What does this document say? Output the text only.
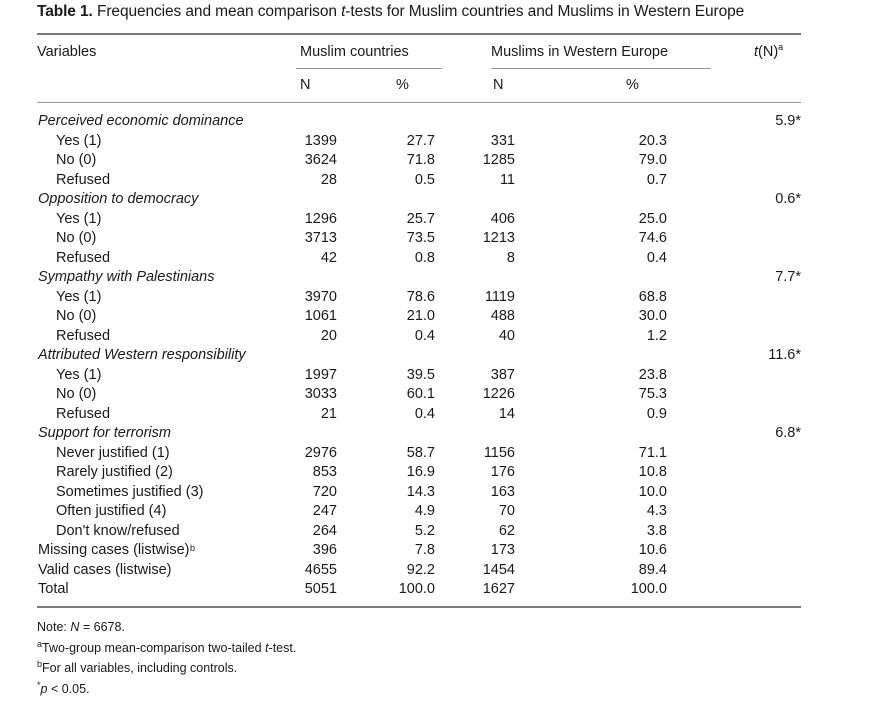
Table 1. Frequencies and mean comparison t-tests for Muslim countries and Muslims in Western Europe
Variables	Muslim countries	Muslims in Western Europe	$t(N)^a$
N	%	N	%
Perceived economic dominance	5.9*
Yes (1)	1399	27.7	331	20.3
No (0)	3624	71.8	1285	79.0
Refused	28	0.5	11	0.7
Opposition to democracy	0.6*
Yes (1)	1296	25.7	406	25.0
No (0)	3713	73.5	1213	74.6
Refused	42	0.8	8	0.4
Sympathy with Palestinians	7.7*
Yes (1)	3970	78.6	1119	68.8
No (0)	1061	21.0	488	30.0
Refused	20	0.4	40	1.2
Attributed Western responsibility	11.6*
Yes (1)	1997	39.5	387	23.8
No (0)	3033	60.1	1226	75.3
Refused	21	0.4	14	0.9
Support for terrorism	6.8*
Never justified (1)	2976	58.7	1156	71.1
Rarely justified (2)	853	16.9	176	10.8
Sometimes justified (3)	720	14.3	163	10.0
Often justified (4)	247	4.9	70	4.3
Don't know/refused	264	5.2	62	3.8
Missing cases (listwise) b	396	7.8	173	10.6
Valid cases (listwise)	4655	92.2	1454	89.4
Total	5051	100.0	1627	100.0
Note: N = 6678.
$^a$Two-group mean-comparison two-tailed t-test.
$^b$For all variables, including controls.
*p < 0.05.
